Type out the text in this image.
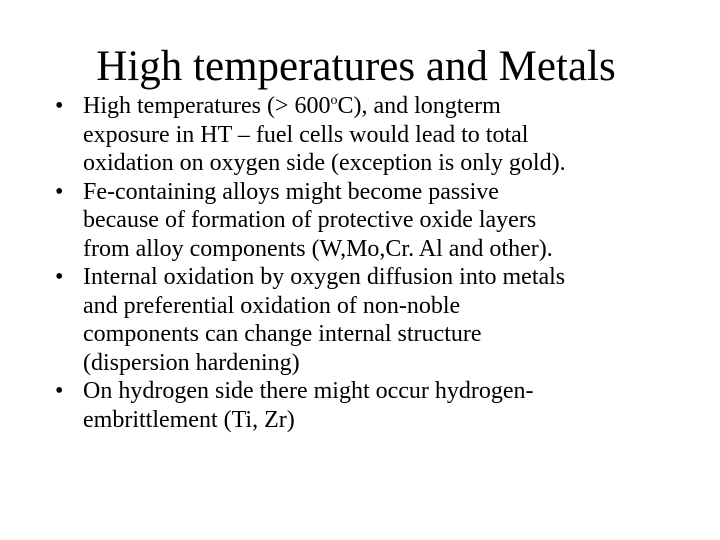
High temperatures and Metals
• High temperatures (> $600^oC$), and longterm
exposure in HT – fuel cells would lead to total
oxidation on oxygen side (exception is only gold).
• Fe-containing alloys might become passive
because of formation of protective oxide layers
from alloy components (W,Mo,Cr. Al and other).
• Internal oxidation by oxygen diffusion into metals
and preferential oxidation of non-noble
components can change internal structure
(dispersion hardening)
• On hydrogen side there might occur hydrogen-
embrittlement (Ti, Zr)
